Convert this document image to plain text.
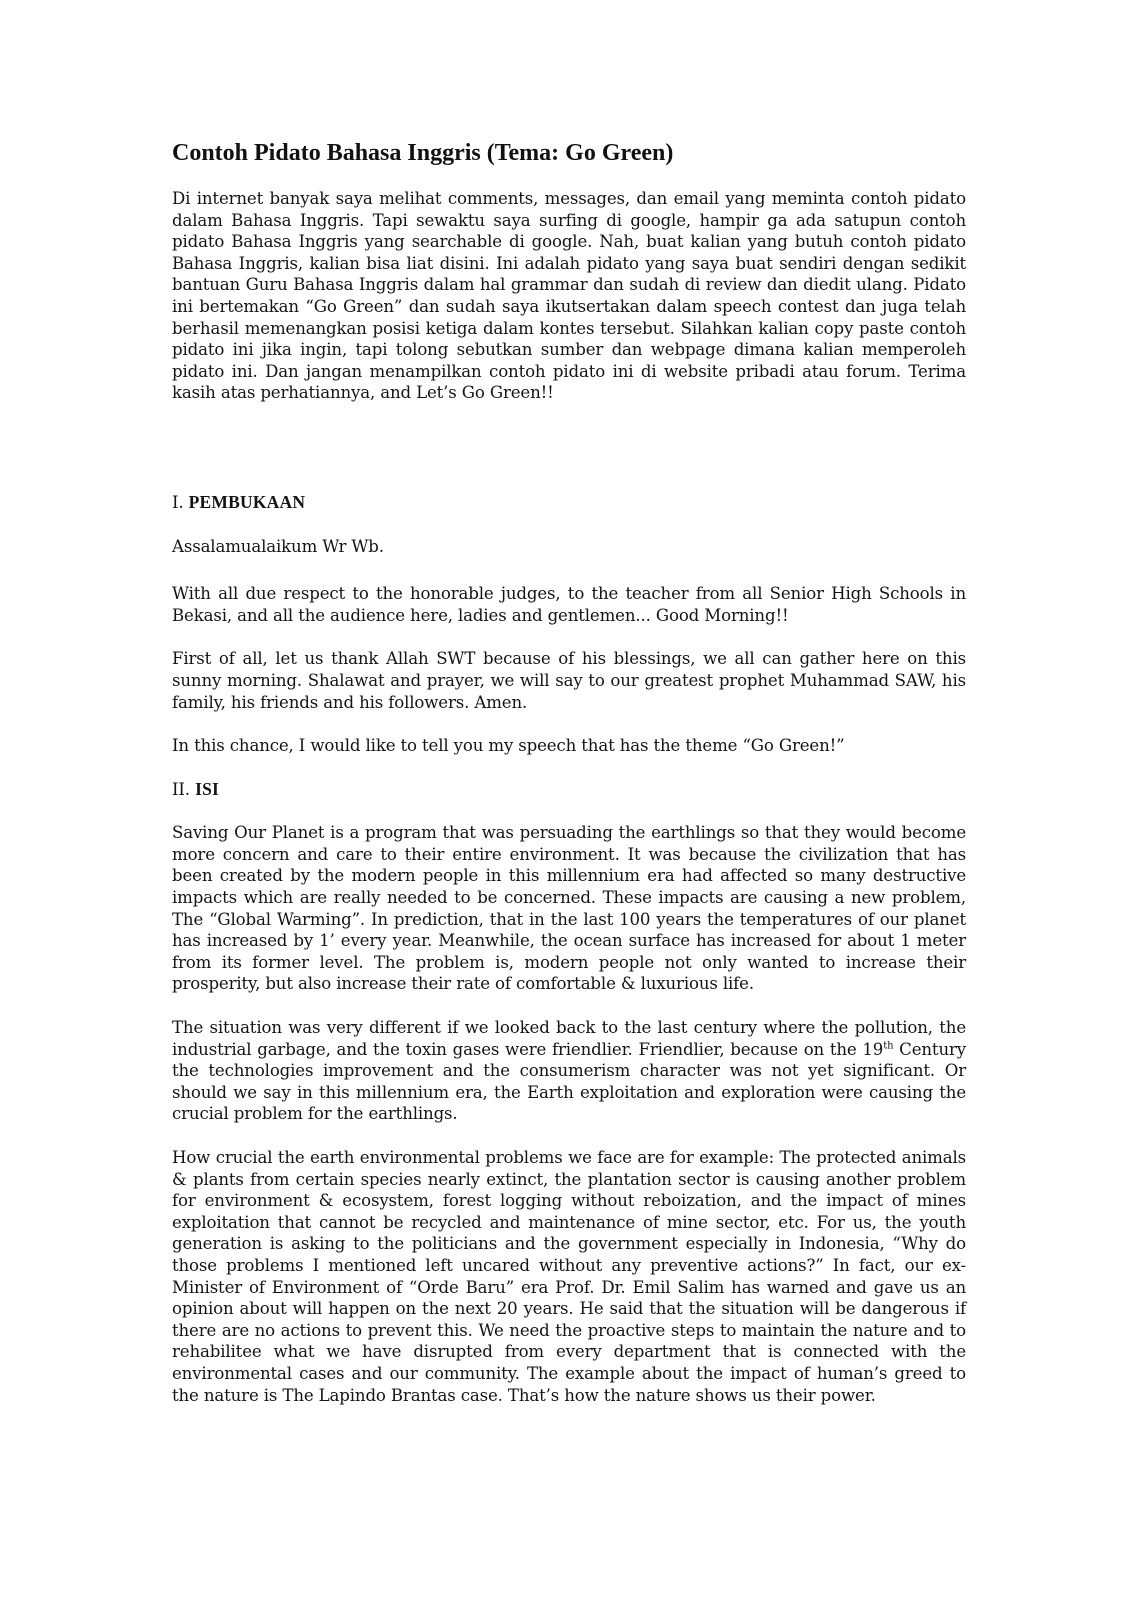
Contoh Pidato Bahasa Inggris (Tema: Go Green)

Di internet banyak saya melihat comments, messages, dan email yang meminta contoh pidato dalam Bahasa Inggris. Tapi sewaktu saya surfing di google, hampir ga ada satupun contoh pidato Bahasa Inggris yang searchable di google. Nah, buat kalian yang butuh contoh pidato Bahasa Inggris, kalian bisa liat disini. Ini adalah pidato yang saya buat sendiri dengan sedikit bantuan Guru Bahasa Inggris dalam hal grammar dan sudah di review dan diedit ulang. Pidato ini bertemakan “Go Green” dan sudah saya ikutsertakan dalam speech contest dan juga telah berhasil memenangkan posisi ketiga dalam kontes tersebut. Silahkan kalian copy paste contoh pidato ini jika ingin, tapi tolong sebutkan sumber dan webpage dimana kalian memperoleh pidato ini. Dan jangan menampilkan contoh pidato ini di website pribadi atau forum. Terima kasih atas perhatiannya, and Let’s Go Green!!

I. PEMBUKAAN

Assalamualaikum Wr Wb.

With all due respect to the honorable judges, to the teacher from all Senior High Schools in Bekasi, and all the audience here, ladies and gentlemen... Good Morning!!

First of all, let us thank Allah SWT because of his blessings, we all can gather here on this sunny morning. Shalawat and prayer, we will say to our greatest prophet Muhammad SAW, his family, his friends and his followers. Amen.

In this chance, I would like to tell you my speech that has the theme “Go Green!”

II. ISI

Saving Our Planet is a program that was persuading the earthlings so that they would become more concern and care to their entire environment. It was because the civilization that has been created by the modern people in this millennium era had affected so many destructive impacts which are really needed to be concerned. These impacts are causing a new problem, The “Global Warming”. In prediction, that in the last 100 years the temperatures of our planet has increased by 1’ every year. Meanwhile, the ocean surface has increased for about 1 meter from its former level. The problem is, modern people not only wanted to increase their prosperity, but also increase their rate of comfortable & luxurious life.

The situation was very different if we looked back to the last century where the pollution, the industrial garbage, and the toxin gases were friendlier. Friendlier, because on the 19th Century the technologies improvement and the consumerism character was not yet significant. Or should we say in this millennium era, the Earth exploitation and exploration were causing the crucial problem for the earthlings.

How crucial the earth environmental problems we face are for example: The protected animals & plants from certain species nearly extinct, the plantation sector is causing another problem for environment & ecosystem, forest logging without reboization, and the impact of mines exploitation that cannot be recycled and maintenance of mine sector, etc. For us, the youth generation is asking to the politicians and the government especially in Indonesia, “Why do those problems I mentioned left uncared without any preventive actions?” In fact, our ex-Minister of Environment of “Orde Baru” era Prof. Dr. Emil Salim has warned and gave us an opinion about will happen on the next 20 years. He said that the situation will be dangerous if there are no actions to prevent this. We need the proactive steps to maintain the nature and to rehabilitee what we have disrupted from every department that is connected with the environmental cases and our community. The example about the impact of human’s greed to the nature is The Lapindo Brantas case. That’s how the nature shows us their power.
